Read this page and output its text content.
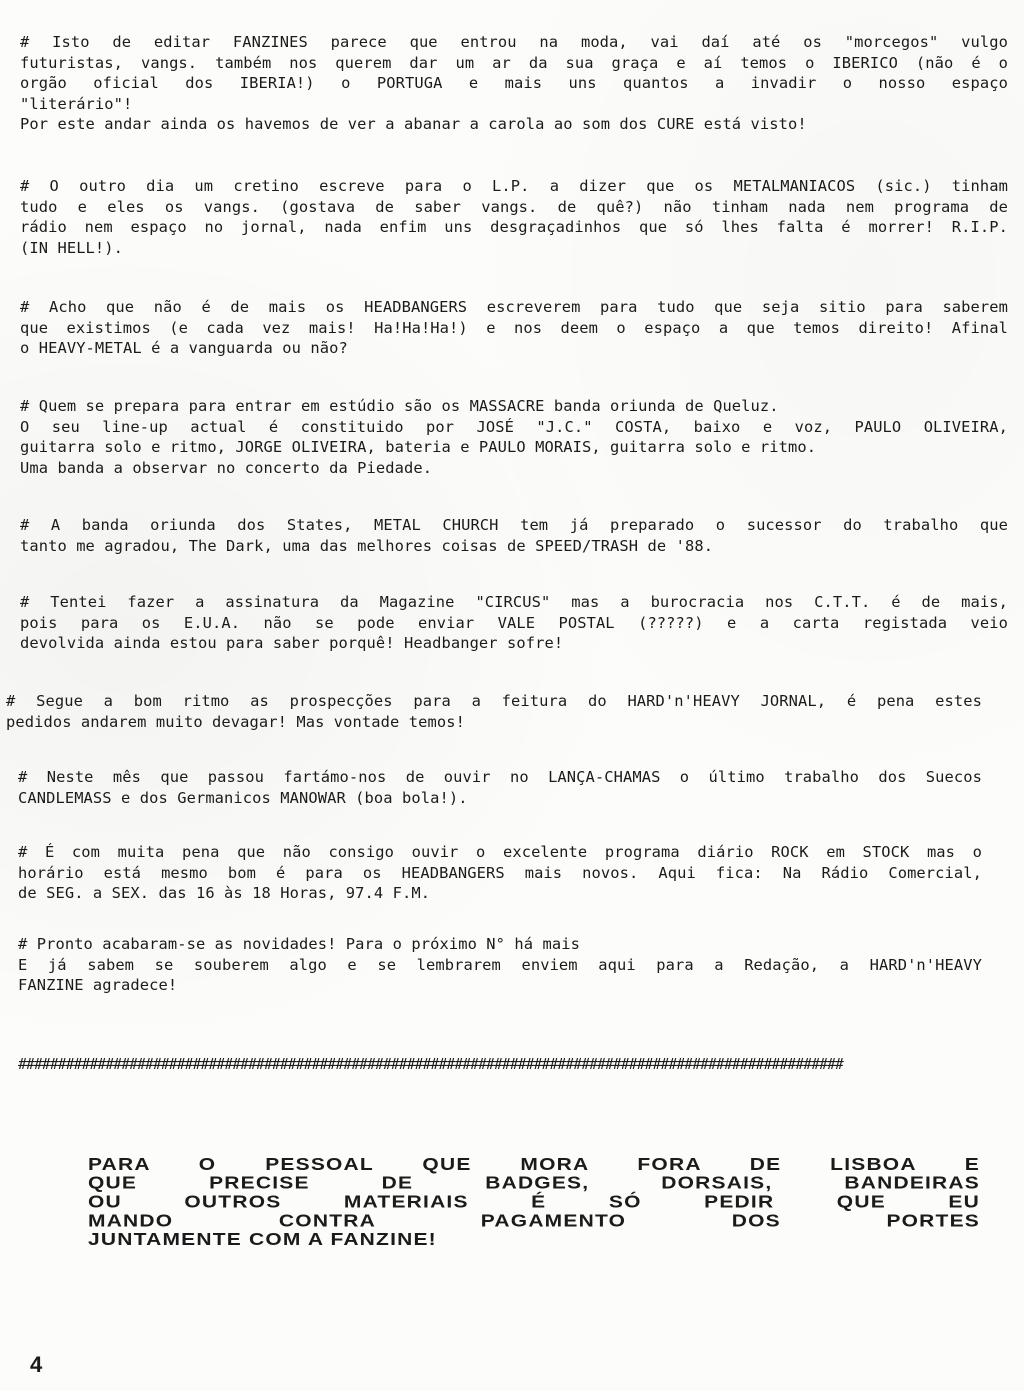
# Isto de editar FANZINES parece que entrou na moda, vai daí até os "morcegos" vulgo
futuristas, vangs. também nos querem dar um ar da sua graça e aí temos o IBERICO (não é o
orgão oficial dos IBERIA!) o PORTUGA e mais uns quantos a invadir o nosso espaço
"literário"!
Por este andar ainda os havemos de ver a abanar a carola ao som dos CURE está visto!
# O outro dia um cretino escreve para o L.P. a dizer que os METALMANIACOS (sic.) tinham
tudo e eles os vangs. (gostava de saber vangs. de quê?) não tinham nada nem programa de
rádio nem espaço no jornal, nada enfim uns desgraçadinhos que só lhes falta é morrer! R.I.P.
(IN HELL!).
# Acho que não é de mais os HEADBANGERS escreverem para tudo que seja sitio para saberem
que existimos (e cada vez mais! Ha!Ha!Ha!) e nos deem o espaço a que temos direito! Afinal
o HEAVY-METAL é a vanguarda ou não?
# Quem se prepara para entrar em estúdio são os MASSACRE banda oriunda de Queluz.
O seu line-up actual é constituido por JOSÉ "J.C." COSTA, baixo e voz, PAULO OLIVEIRA,
guitarra solo e ritmo, JORGE OLIVEIRA, bateria e PAULO MORAIS, guitarra solo e ritmo.
Uma banda a observar no concerto da Piedade.
# A banda oriunda dos States, METAL CHURCH tem já preparado o sucessor do trabalho que
tanto me agradou, The Dark, uma das melhores coisas de SPEED/TRASH de '88.
# Tentei fazer a assinatura da Magazine "CIRCUS" mas a burocracia nos C.T.T. é de mais,
pois para os E.U.A. não se pode enviar VALE POSTAL (?????) e a carta registada veio
devolvida ainda estou para saber porquê! Headbanger sofre!
# Segue a bom ritmo as prospecções para a feitura do HARD'n'HEAVY JORNAL, é pena estes
pedidos andarem muito devagar! Mas vontade temos!
# Neste mês que passou fartámo-nos de ouvir no LANÇA-CHAMAS o último trabalho dos Suecos
CANDLEMASS e dos Germanicos MANOWAR (boa bola!).
# É com muita pena que não consigo ouvir o excelente programa diário ROCK em STOCK mas o
horário está mesmo bom é para os HEADBANGERS mais novos. Aqui fica: Na Rádio Comercial,
de SEG. a SEX. das 16 às 18 Horas, 97.4 F.M.
# Pronto acabaram-se as novidades! Para o próximo N° há mais
E já sabem se souberem algo e se lembrarem enviem aqui para a Redação, a HARD'n'HEAVY
FANZINE agradece!
########################################################################################################
PARA O PESSOAL QUE MORA FORA DE LISBOA E
QUE PRECISE DE BADGES, DORSAIS, BANDEIRAS
OU OUTROS MATERIAIS É SÓ PEDIR QUE EU
MANDO CONTRA PAGAMENTO DOS PORTES
JUNTAMENTE COM A FANZINE!
4
